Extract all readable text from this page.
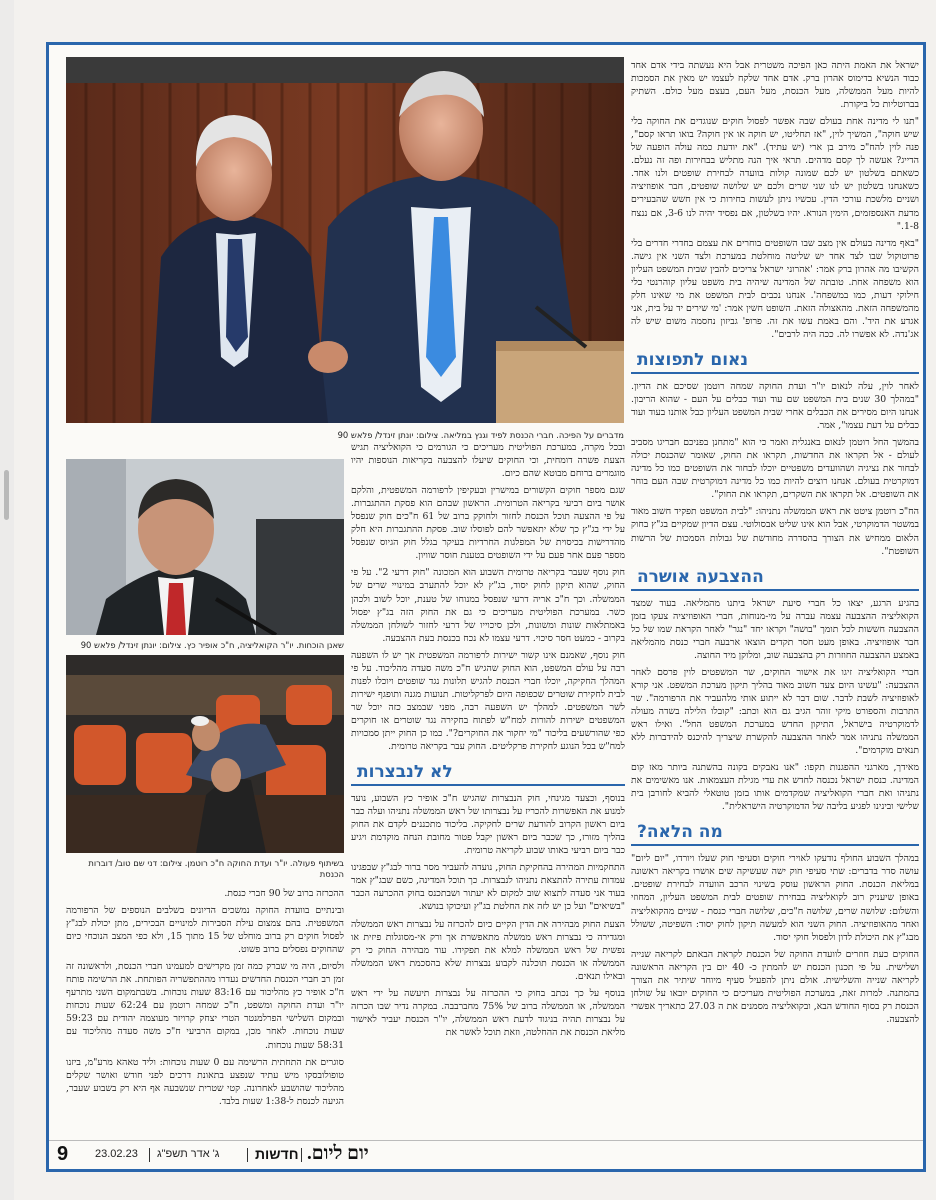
שאנן הוכחות. יו"ר הקואליציה, ח"כ אופיר כץ. צילום: יונתן זינדל/ פלאש 90
בשיתוף פעולה. יו"ר ועדת החוקה ח"כ רוטמן. צילום: דני שם טוב/ דוברות הכנסת
מדברים על הפיכה. חברי הכנסת לפיד וגנץ במליאה. צילום: יונתן זינדל/ פלאש 90

ישראל את האמת היתה כאן הפיכה משטרית אבל היא נעשתה בידי אדם אחד כבוד הנשיא בדימוס אהרון ברק. אדם אחד שלקח לעצמו יש מאין את הסמכות להיות מעל הממשלה, מעל הכנסת, מעל העם, בעצם מעל כולם. השתיק בברוטליות כל ביקורת.

"תנו לי מדינה אחת בעולם שבה אפשר לפסול חוקים שנוגדים את החוקה בלי שיש חוקה", המשיך לוין, "אז תחליטו, יש חוקה או אין חוקה? בואו תראו קסם", פנה לוין להח"כ מירב בן ארי (יש עתיד). "את יודעת כמה עולה הופעה של הדייג? אעשה לך קסם מדהים. תראי איך הנה מתליש בבחירות ופה זה נעלם. כשאתם בשלטון יש לכם שמונה קולות בוועדה לבחירת שופטים ולנו אחד. כשאנחנו בשלטון יש לנו שני שרים ולכם יש שלושה שופטים, חבר אופוזיציה ושניים מלשכת עורכי הדין. עכשיו ניתן לעשות בחירות כי אין חשש שהבעירים מדעת האנספזמים, הימין הנורא. יהיו בשלטון, אם נפסיד יהיה לנו 3-6, אם ננצח 1-8."

"באף מדינה בעולם אין מצב שבו השופטים בוחרים את עצמם בחדרי חדרים בלי פרוטוקול שבו לצד אחד יש שליטה מוחלטת במערכת ולצד השני אין גישה. הקשיבו מה אהרון ברק אמר: 'אהרוני ישראל צריכים להבין שבית המשפט העליון הוא משפחה אחת. טובתה של המדינה שיהיה בית משפט עליון קוהרנטי בלי חילוקי דעות, כמו במשפחה'. אנחנו נכבים לבית המשפט את מי שאינו חלק מהמשפחה הזאת. מהאצולה הזאת. השופט חשין אמר: 'מי שירים יד על בית, אני אגדע את היד'. והם באמת עשו את זה. פרופ' גביזון נחסמה משום שיש לה אג'נדה. לא אפשרו לה. ככה היה לרבים".

נאום לתפוצות

לאחר לוין, עלה לנאום יו"ר ועדת החוקה שמחה רוטמן שסיכם את הדיון. "במהלך 30 שנים בית המשפט שם עוד ועוד כבלים על העם - שהוא הריבון. אנחנו היום מסירים את הכבלים אחרי שבית המשפט העליון כבל אותנו בעוד ועוד כבלים על דעת עצמו", אמר.

בהמשך החל רוטמן לנאום באנגלית ואמר כי הוא "מתחנן בפניכם חבריגו מסביב לעולם - אל תקראו את החדשות, תקראו את החוק, שאומר שהכנסת יכולה לבחור את נציגיה ושהוועדים משפטיים יוכלו לבחור את השופטים כמו כל מדינה דמוקרטית בעולם. אנחנו רוצים להיות כמו כל מדינה דמוקרטית שבה העם בוחר את השופטים. אל תקראו את השקרים, תקראו את החוק".

הח"כ רוטמן ציטט את ראש הממשלה נתניהו: "לבית המשפט תפקיד חשוב מאוד במשטר הדמוקרטי, אבל הוא אינו שליט אבסולוטי. עצם הדיון שמקיים בג"ץ בחוק הלאום ממחיש את הצורך בהסדרה מחודשת של גבולות הסמכות של הרשות השופטת".

ההצבעה אושרה

בהגיע הרגע, יצאו כל חברי סיעת ישראל ביתנו מהמליאה. בעוד שמצד הקואליציה ההצבעה עצמה עברה על מי-מנוחות, חברי האופוזיציה צעקו בזמן ההצבעה חששות לכל תומך "בושה" וקראו יחד "נגר" לאחר הקראת שמו של כל חבר אופוזיציה. באופן מעט חסר תקדים הוצאו ארבעה חברי כנסת מהמליאה באמצע ההצבעה החוזרות רק בהצבעה שוב, ומלוקן מיד החוצה.

חברי הקואליציה זיגו את אישור החוקים, שר המשפטים לוין פרסם לאחר ההצבעה: "עשינו היום צעד חשוב מאוד בהליך תיקון מערכת המשפט. אני קורא לאופוזיציה לשבת לדבר. שום דבר לא ייתוע אותי מלהעביר את הרפורמה". שר התרבות והספורט מיקי זוהר הגיב גם הוא וכתב: "קובלו הלילה בשדה מעולה לדמוקרטיה בישראל, התיקון החדש במערכת המשפט החל". ואילו ראש הממשלה נתניהו אמר לאחר ההצבעה להקשרת שיצריך להיכנס להידברות ללא תנאים מוקדמים".

מאידך, מארגני ההפגנות תקפו: "אנו נאבקים בקונה בהשתנה ביותר מאז קום המדינה. כנסת ישראל נכנסה לחדש את עדי מגילת העצמאות. אנו מאשימים את נתניהו ואת חברי הקואליציה שמקדמים אותו בזמן טוטאלי להביא לחורבן בית שלישי ובינינו לפגיע בליבה של הדמוקרטיה הישראלית".

מה הלאה?

במהלך השבוע החולף נודעקו לאוירי חוקים וסעיפי חוק שעלו ויורדו, "יום ליום" עושה סדר בדברים: שתי סעיפי חוק ישה שעשיקה שים אושרו בקריאה ראשונה במליאת הכנסת. החוק הראשון עוסק בשינוי הרכב הוועדה לבחירת שופטים. באופן שיעניק רוב לקואליציה בבחירת שופטים לבית המשפט העליון, המחוזי והשלום: שלושה שרים, שלושה ח"כים, שלושה חברי כנסת - שניים מהקואליציה ואחד מהאופוזיציה. החוק השני הוא למעשה תיקון לחוק יסוד: השפיטה, ששולל מבג"ץ את היכולת לדון ולפסול חוקי יסוד.

החוקים כעת חוזרים לוועדת החוקה של הכנסת לקראת הבאתם לקריאה שנייה ושלישית. על פי תכנון הכנסת יש להמתין כ- 40 יום בין הקריאה הראשונה לקריאה שנייה והשלישית. אולם ניתן להפעיל סעיף מיוחד שיתיר את הצורך בהמתנה. למרות זאת, במערכת הפוליטית מעריכים כי החוקים יובאו על שולחן הכנסת רק בסוף החודש הבא, ובקואליציה מסמנים את ה 27.03 כתאריך אפשרי להצבעה.

ובכל מקרה, במערכת הפוליטית מעריכים כי הגורמים כי הקואליציה תגיש הצעת פשרה דומחית, וכי החוקים שיעלו להצבעה בקריאות הנוספות יהיו מוגמרים ברוחם מבוטא שהם כיום.

שגם מספר חוקים הקשורים במישרין ובעקיפין לרפורמה המשפטית, והלקם אושר ביום רביעי בקריאה הטרומית. הראשון שבהם הוא פסקת ההתגברות. על פי ההצעה תוכל הכנסת לחזור ולחוקק ברוב של 61 ח"כים חוק שנפסל על ידי בג"ץ כך שלא יתאפשר להם לפוסלו שוב. פסקת ההתגברות היא חלק מהדרישות בכיסוית של המפלגות החרדיות בעיקר בגלל חוק הגיוס שנפסל מספר פעם אחר פעם על ידי השופטים בטענת חוסר שוויון.

חוק נוסף שעבר בקריאה טרומית השבוע הוא המכונה "חוק דרעי 2". על פי החוק, שהוא תיקון לחוק יסוד, בג"ץ לא יוכל להתערב במינויי שרים של הממשלה. וכך ח"כ אריה דרעי שנפסל במנוחו של טענת, יוכל לשוב ולכהן כשר. במערכת הפוליטית מעריכים כי גם את החוק הזה בג"ץ יפסול באמתלאות שונות ומשונות, ולכן סיכוייו של דרעי לחזור לשולחן הממשלה בקרוב - כמעט חסר סיכוי. דרעי עצמו לא נכח בכנסת בעת ההצבעה.

חוק נוסף, שאמנם אינו קשור ישירות לרפורמה המשפטית אך יש לו השפעה רבה על עולם המשפט, הוא החוק שהגיש ח"כ משה סעדה מהליכוד. על פי המהלך החקיקה, יוכלו חברי הכנסת להגיש תלונות נגד שופטים ויוכלו לפנות לבית לחקירת שוטרים שכפופה היום לפרקליטות. תנועות מגנה ותופגף ישירות לשר המשפטים. למהלך יש השפעה רבה, מפני שבמצב כזה יוכל שר המשפטים ישירות להורות למח"ש לפתוח בחקירה נגד שוטרים או חוקרים כפי שהורשעים בליכוד "מי יחקור את החוקרים?". כמו כן החוק ייתן סמכויות למח"ש בכל הנוגע לחקירת פרקליטים. החוק עבר בקריאה טרומית.

לא לנבצרות

בנוסף, וכצעד מגינחי, חוק הנבצרות שהגיש ח"כ אופיר כץ השבוע, נועד למנוע את האפשרות להכריז על נבצרותו של ראש הממשלה נתניהו ועלה כבר ביום ראשון הקרוב להודעת שרים לחקיקה. בליכוד מתכננים לקדם את החוק בהליך מזורז, כך שכבר ביום ראשון יקבל פטור מחובת הנחה מוקדמת ויגיע כבר ביום רביעי באותו שבוע לקריאה טרומית.

התחקמיות המהירה בהחקיקת החוק, נועדה להעביר מסר ברור לבג"ץ שבפגינו עמדות עתירה להתצאת נתניהו לנבצרות. כך תוכל המדינה, כשם שבג"ץ אמר בעוד אני סעדה לתצוא שוב למקום לא יעתור ושבתכנס בחוק ההכרעה הכבר "בשיאים" ועל כן יש לזה את החלטת בג"ץ ועיכוקו בנושא.

הצעת החוק מבהירה את הדין הקיים כיום להכרזה על נבצרות ראש הממשלה ומגדירה כי נבצרות ראש ממשלה מתאפשרת אך ורק אי-מסוגלות פיזית או נפשית של ראש הממשלה למלא את תפקידו. עוד מבהירה החוק כי רק הממשלה או הכנסת תוכלנה לקבוע נבצרות שלא בהסכמת ראש הממשלה ובאילו תנאים.

בנוסף על כך נכתב בחוק כי ההכרזה על נבצרות תיעשה על ידי ראש הממשלה, או הממשלה ברוב של 75% מחברבבה. במקרה נדיר שבו הכרזה על נבצרות תהיה בניגוד לדעת ראש הממשלה, יו"ר הכנסת יעביר לאישור מליאת הכנסת את ההחלטה, וזאת תוכל לאשר את

ההכרזה ברוב של 90 חברי כנסת.

ובינתיים בוועדת החוקה נמשכים הדיונים בשלבים הנוספים של הרפורמה המשפטית. בהם צמצום עילת הסבירות למינויים הבכירים, מתן יכולת לבג"ץ לפסול חוקים רק ברוב מוחלט של 15 מתוך 15, ולא כפי המצב הנוכחי כיום שהחוקים נפסלים ברוב פשוט.

ולסיום, היה מי שברק כמה זמן מקדישים למעמינו חברי הכנסת, ולראשונה זה זמן רב חברי הכנסת החדשים נעדרו מההתפשריה הפותחת. את הרשימה פותח ח"כ אופיר כץ מהליכוד עם 83:16 שעות נוכחות. בשבתמקום השני מתרעף יו"ר ועדת החוקה ומשפט, ח"כ שמחה רוטמן עם 62:24 שעות נוכחות ובמקום השלישי הפרלמנטר הטרי יצחק קרויזר מעוצמה יהודית עם 59:23 שעות נוכחות. לאחר מכן, במקום הרביעי ח"כ משה סעדה מהליכוד עם 58:31 שעות נוכחות.

סוגרים את התחתית הרשימה עם 0 שעות נוכחות: וליד טאהא מרע"מ, ביזנו טופולובסקו מיש עתיד שנפצע בתאונת דרכים לפני חודש ואושר שקלים מהליכוד שהושבע לאחרונה. קטי שטרית שנשבעה אף היא רק בשבוע שעבר, הגיעה לכנסת ל-1:38 שעות בלבד.

9 23.02.23 ג' אדר תשפ"ג	חדשות יום ליום.
